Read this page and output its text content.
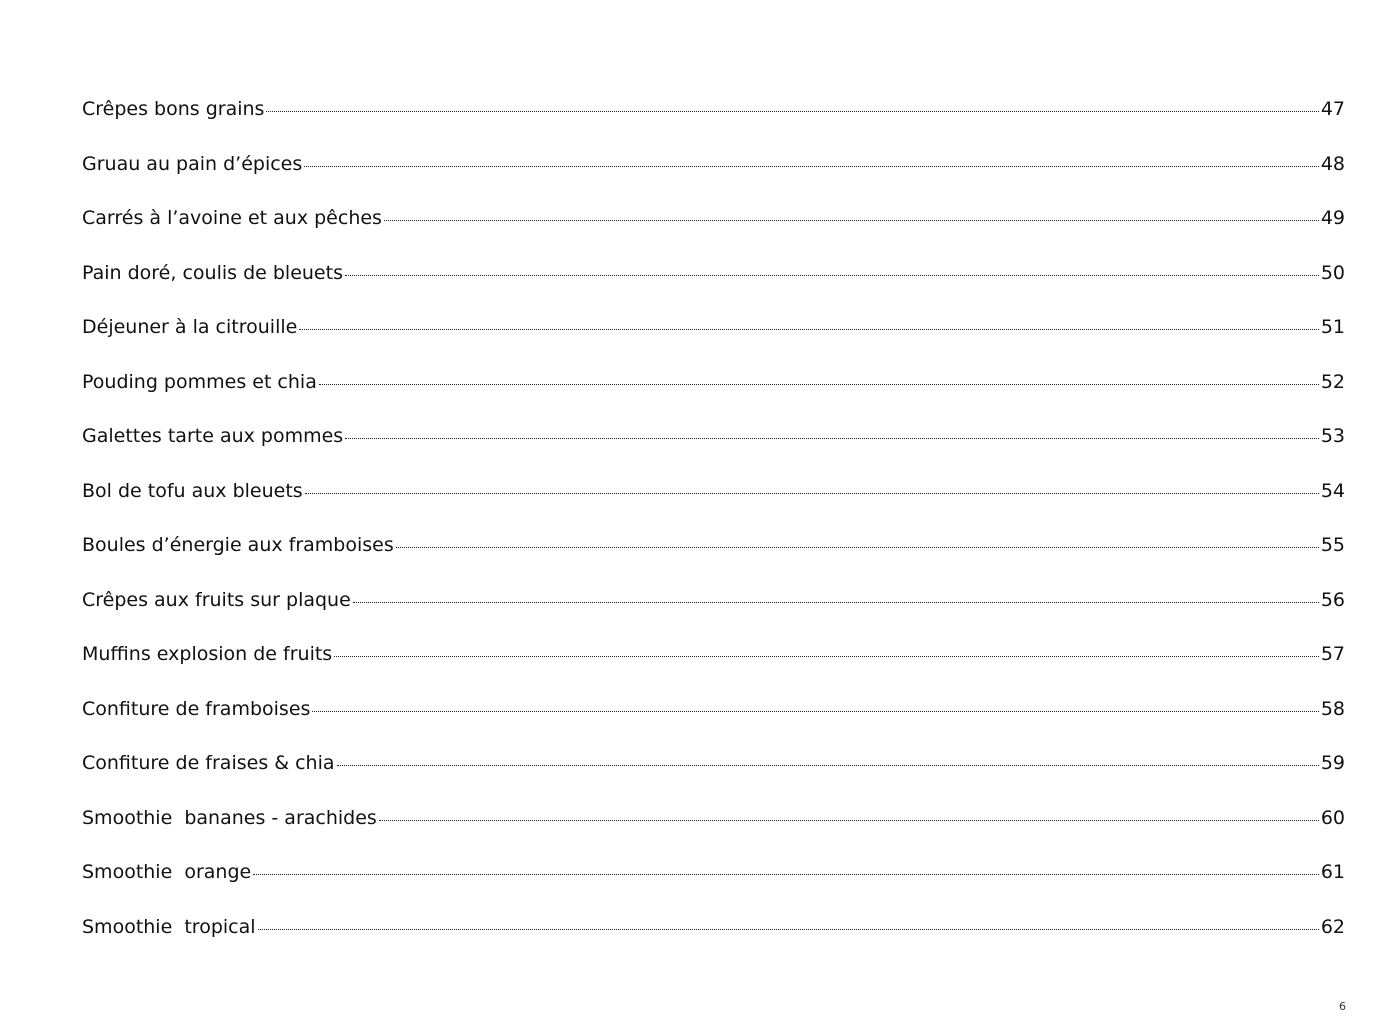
Crêpes bons grains	47
Gruau au pain d’épices	48
Carrés à l’avoine et aux pêches	49
Pain doré, coulis de bleuets	50
Déjeuner à la citrouille	51
Pouding pommes et chia	52
Galettes tarte aux pommes	53
Bol de tofu aux bleuets	54
Boules d’énergie aux framboises	55
Crêpes aux fruits sur plaque	56
Muffins explosion de fruits	57
Confiture de framboises	58
Confiture de fraises & chia	59
Smoothie  bananes - arachides	60
Smoothie  orange	61
Smoothie  tropical	62
6
